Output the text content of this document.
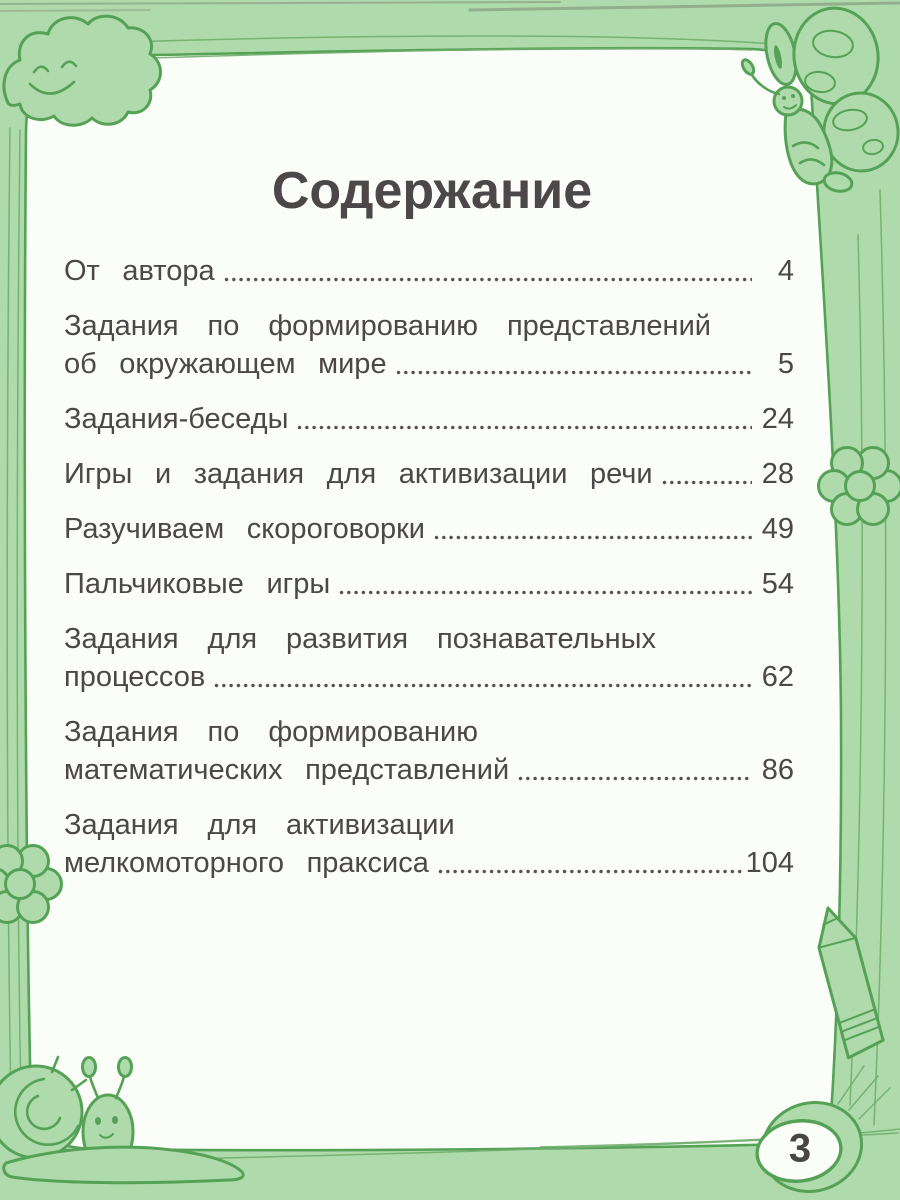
Содержание
От автора	4
Задания по формированию представлений
об окружающем мире	5
Задания-беседы	24
Игры и задания для активизации речи	28
Разучиваем скороговорки	49
Пальчиковые игры	54
Задания для развития познавательных
процессов	62
Задания по формированию
математических представлений	86
Задания для активизации
мелкомоторного праксиса	104
3
